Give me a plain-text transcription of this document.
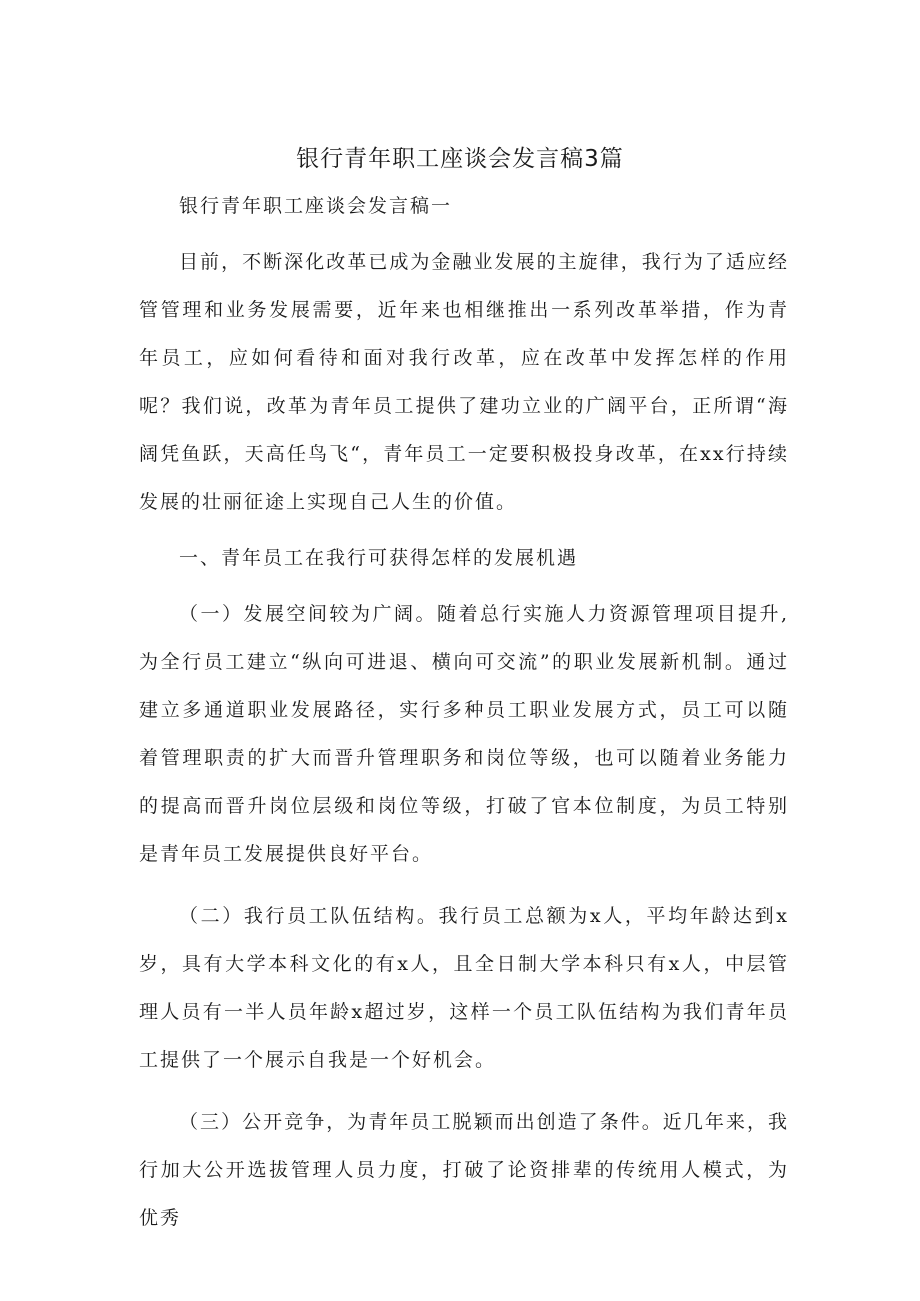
银行青年职工座谈会发言稿3篇

银行青年职工座谈会发言稿一

目前，不断深化改革已成为金融业发展的主旋律，我行为了适应经管管理和业务发展需要，近年来也相继推出一系列改革举措，作为青年员工，应如何看待和面对我行改革，应在改革中发挥怎样的作用呢？我们说，改革为青年员工提供了建功立业的广阔平台，正所谓“海阔凭鱼跃，天高任鸟飞“，青年员工一定要积极投身改革，在xx行持续发展的壮丽征途上实现自己人生的价值。

一、青年员工在我行可获得怎样的发展机遇

（一）发展空间较为广阔。随着总行实施人力资源管理项目提升,为全行员工建立“纵向可进退、横向可交流”的职业发展新机制。通过建立多通道职业发展路径，实行多种员工职业发展方式，员工可以随着管理职责的扩大而晋升管理职务和岗位等级，也可以随着业务能力的提高而晋升岗位层级和岗位等级，打破了官本位制度，为员工特别是青年员工发展提供良好平台。

（二）我行员工队伍结构。我行员工总额为x人，平均年龄达到x岁，具有大学本科文化的有x人，且全日制大学本科只有x人，中层管理人员有一半人员年龄x超过岁，这样一个员工队伍结构为我们青年员工提供了一个展示自我是一个好机会。

（三）公开竞争，为青年员工脱颖而出创造了条件。近几年来，我行加大公开选拔管理人员力度，打破了论资排辈的传统用人模式，为优秀
